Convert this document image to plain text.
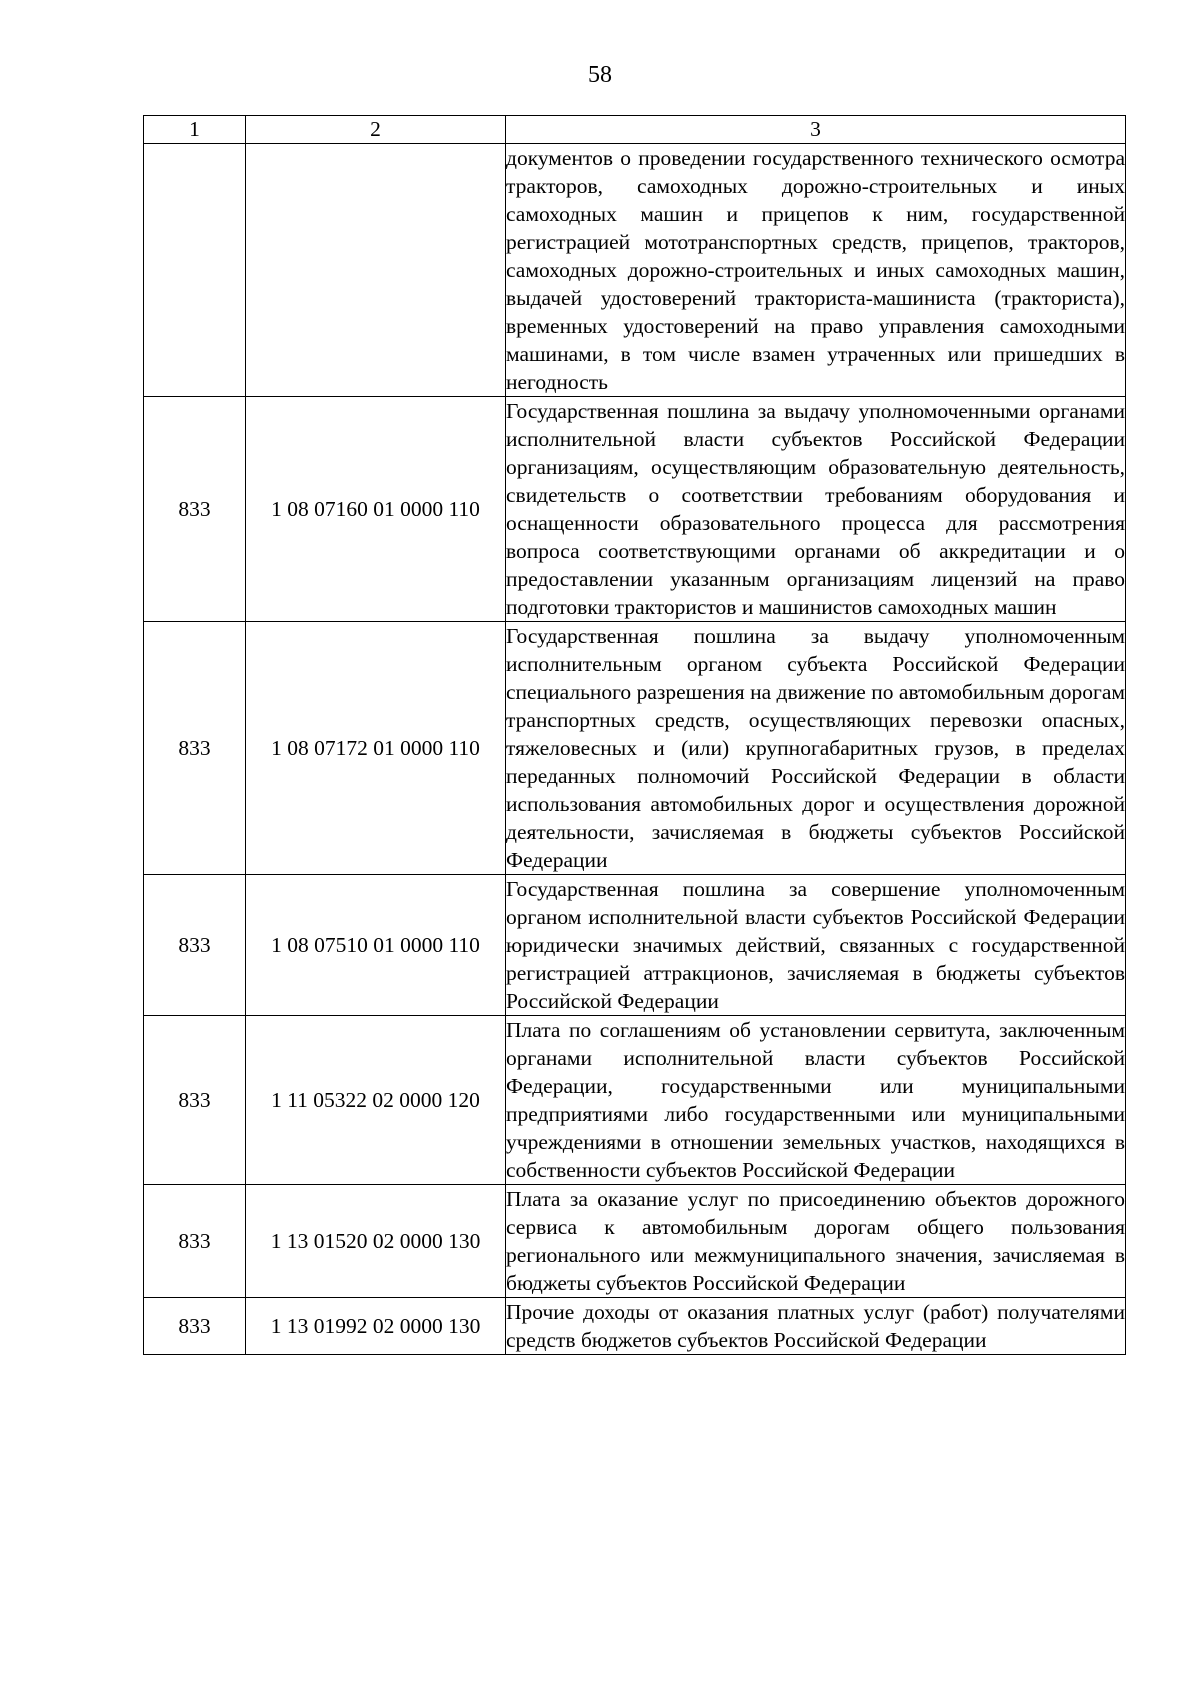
58
1	2	3
		документов о проведении государственного технического осмотра тракторов, самоходных дорожно-строительных и иных самоходных машин и прицепов к ним, государственной регистрацией мототранспортных средств, прицепов, тракторов, самоходных дорожно-строительных и иных самоходных машин, выдачей удостоверений тракториста-машиниста (тракториста), временных удостоверений на право управления самоходными машинами, в том числе взамен утраченных или пришедших в негодность
833	1 08 07160 01 0000 110	Государственная пошлина за выдачу уполномоченными органами исполнительной власти субъектов Российской Федерации организациям, осуществляющим образовательную деятельность, свидетельств о соответствии требованиям оборудования и оснащенности образовательного процесса для рассмотрения вопроса соответствующими органами об аккредитации и о предоставлении указанным организациям лицензий на право подготовки трактористов и машинистов самоходных машин
833	1 08 07172 01 0000 110	Государственная пошлина за выдачу уполномоченным исполнительным органом субъекта Российской Федерации специального разрешения на движение по автомобильным дорогам транспортных средств, осуществляющих перевозки опасных, тяжеловесных и (или) крупногабаритных грузов, в пределах переданных полномочий Российской Федерации в области использования автомобильных дорог и осуществления дорожной деятельности, зачисляемая в бюджеты субъектов Российской Федерации
833	1 08 07510 01 0000 110	Государственная пошлина за совершение уполномоченным органом исполнительной власти субъектов Российской Федерации юридически значимых действий, связанных с государственной регистрацией аттракционов, зачисляемая в бюджеты субъектов Российской Федерации
833	1 11 05322 02 0000 120	Плата по соглашениям об установлении сервитута, заключенным органами исполнительной власти субъектов Российской Федерации, государственными или муниципальными предприятиями либо государственными или муниципальными учреждениями в отношении земельных участков, находящихся в собственности субъектов Российской Федерации
833	1 13 01520 02 0000 130	Плата за оказание услуг по присоединению объектов дорожного сервиса к автомобильным дорогам общего пользования регионального или межмуниципального значения, зачисляемая в бюджеты субъектов Российской Федерации
833	1 13 01992 02 0000 130	Прочие доходы от оказания платных услуг (работ) получателями средств бюджетов субъектов Российской Федерации
